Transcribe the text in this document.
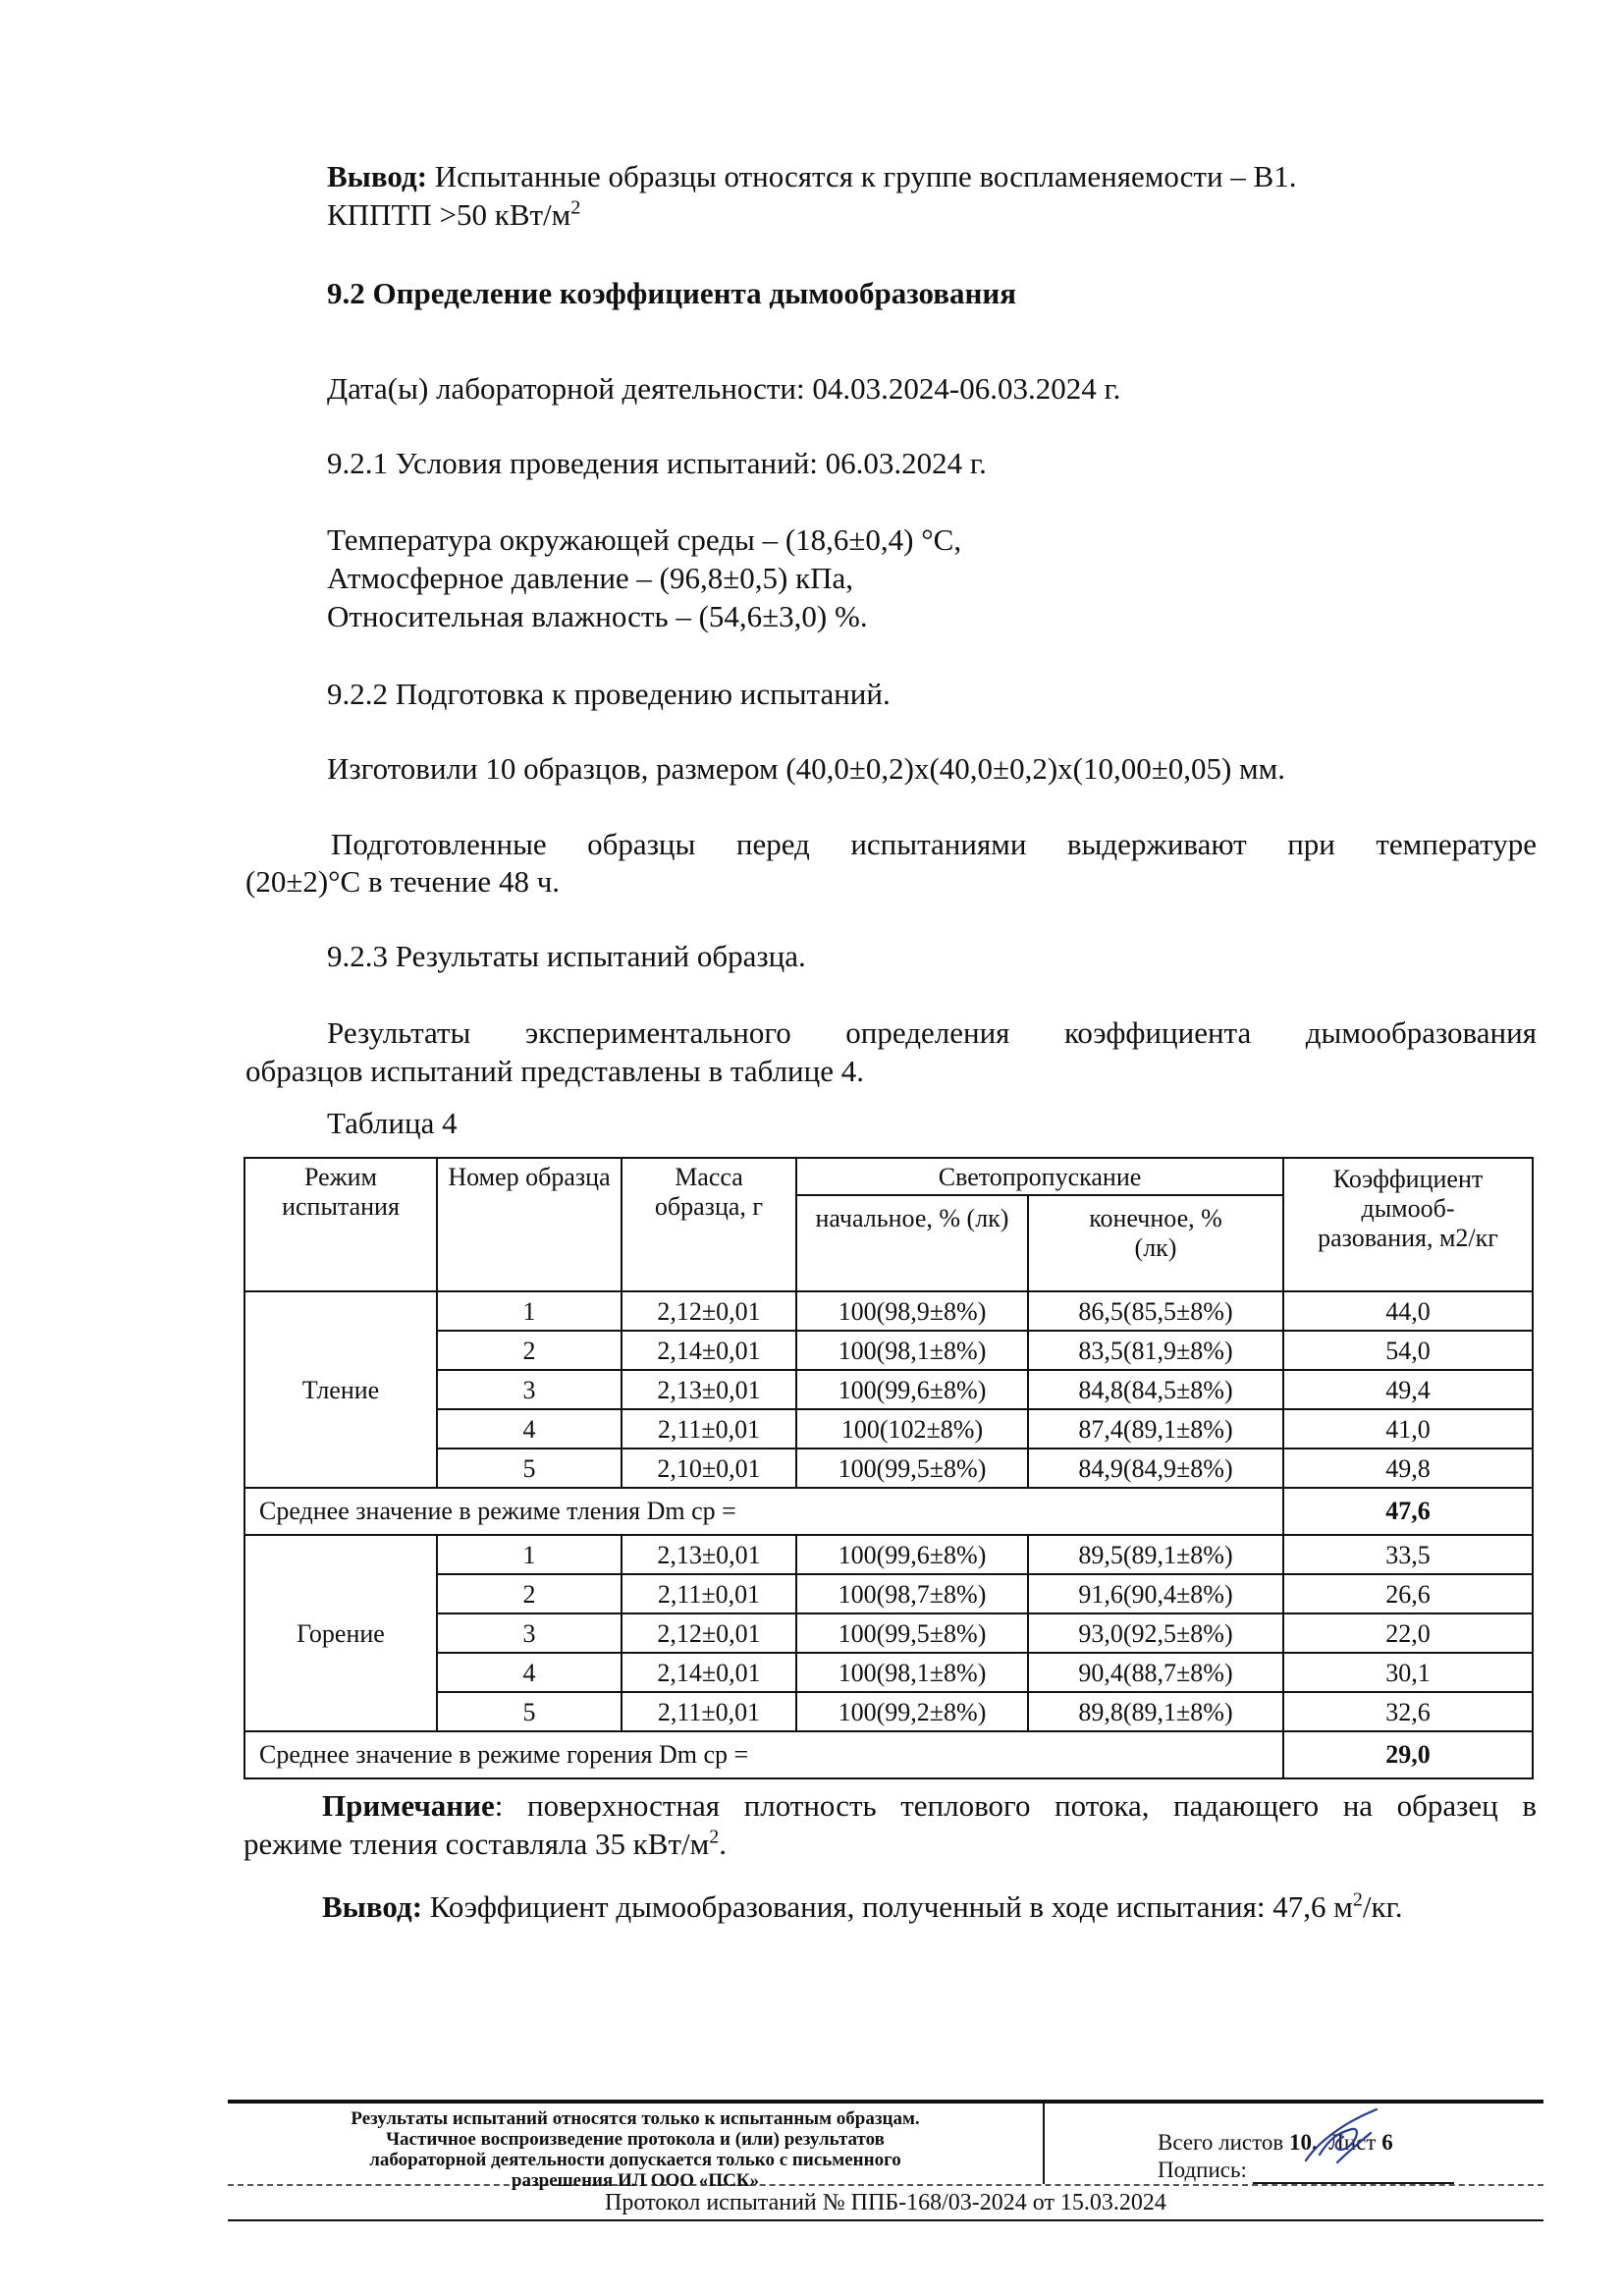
Вывод: Испытанные образцы относятся к группе воспламеняемости – В1.
КППТП >50 кВт/$м^2$
9.2 Определение коэффициента дымообразования
Дата(ы) лабораторной деятельности: 04.03.2024-06.03.2024 г.
9.2.1 Условия проведения испытаний: 06.03.2024 г.
Температура окружающей среды – (18,6±0,4) °С,
Атмосферное давление – (96,8±0,5) кПа,
Относительная влажность – (54,6±3,0) %.
9.2.2 Подготовка к проведению испытаний.
Изготовили 10 образцов, размером (40,0±0,2)х(40,0±0,2)х(10,00±0,05) мм.
Подготовленные образцы перед испытаниями выдерживают при температуре
(20±2)°С в течение 48 ч.
9.2.3 Результаты испытаний образца.
Результаты экспериментального определения коэффициента дымообразования
образцов испытаний представлены в таблице 4.
Таблица 4
Режим испытания	Номер образца	Масса образца, г	Светопропускание		Коэффициент дымооб-разования, м2/кг
			начальное, % (лк)	конечное, % (лк)	
Тление	1	2,12±0,01	100(98,9±8%)	86,5(85,5±8%)	44,0
	2	2,14±0,01	100(98,1±8%)	83,5(81,9±8%)	54,0
	3	2,13±0,01	100(99,6±8%)	84,8(84,5±8%)	49,4
	4	2,11±0,01	100(102±8%)	87,4(89,1±8%)	41,0
	5	2,10±0,01	100(99,5±8%)	84,9(84,9±8%)	49,8
Среднее значение в режиме тления Dm ср =					47,6
Горение	1	2,13±0,01	100(99,6±8%)	89,5(89,1±8%)	33,5
	2	2,11±0,01	100(98,7±8%)	91,6(90,4±8%)	26,6
	3	2,12±0,01	100(99,5±8%)	93,0(92,5±8%)	22,0
	4	2,14±0,01	100(98,1±8%)	90,4(88,7±8%)	30,1
	5	2,11±0,01	100(99,2±8%)	89,8(89,1±8%)	32,6
Среднее значение в режиме горения Dm ср =					29,0
Примечание: поверхностная плотность теплового потока, падающего на образец в
режиме тления составляла 35 кВт/$м^2$.
Вывод: Коэффициент дымообразования, полученный в ходе испытания: 47,6 $м^2/кг$.
Результаты испытаний относятся только к испытанным образцам.
Частичное воспроизведение протокола и (или) результатов
лабораторной деятельности допускается только с письменного
разрешения ИЛ ООО «ПСК»
Всего листов 10. Лист 6
Подпись:
Протокол испытаний № ППБ-168/03-2024 от 15.03.2024
